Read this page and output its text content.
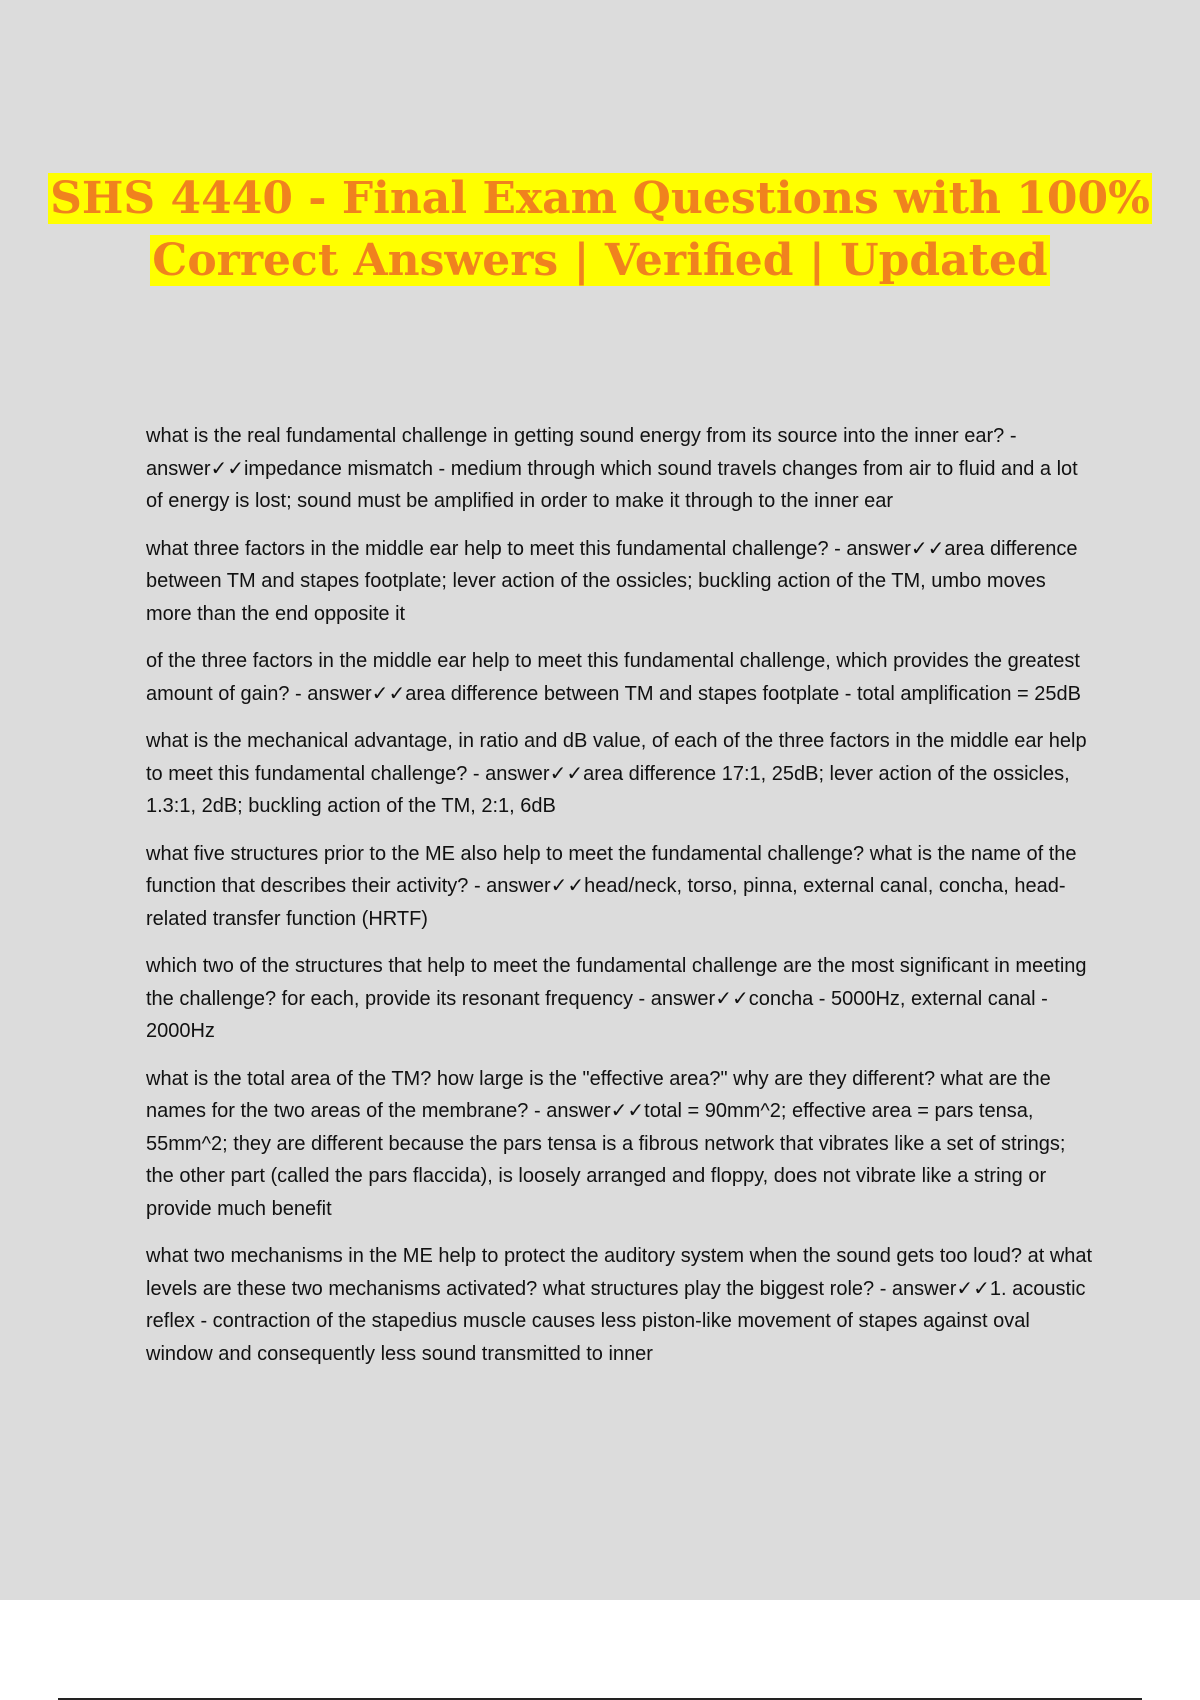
SHS 4440 - Final Exam Questions with 100%
Correct Answers | Verified | Updated

what is the real fundamental challenge in getting sound energy from its source into the inner ear? - answer✓✓impedance mismatch - medium through which sound travels changes from air to fluid and a lot of energy is lost; sound must be amplified in order to make it through to the inner ear

what three factors in the middle ear help to meet this fundamental challenge? - answer✓✓area difference between TM and stapes footplate; lever action of the ossicles; buckling action of the TM, umbo moves more than the end opposite it

of the three factors in the middle ear help to meet this fundamental challenge, which provides the greatest amount of gain? - answer✓✓area difference between TM and stapes footplate - total amplification = 25dB

what is the mechanical advantage, in ratio and dB value, of each of the three factors in the middle ear help to meet this fundamental challenge? - answer✓✓area difference 17:1, 25dB; lever action of the ossicles, 1.3:1, 2dB; buckling action of the TM, 2:1, 6dB

what five structures prior to the ME also help to meet the fundamental challenge? what is the name of the function that describes their activity? - answer✓✓head/neck, torso, pinna, external canal, concha, head-related transfer function (HRTF)

which two of the structures that help to meet the fundamental challenge are the most significant in meeting the challenge? for each, provide its resonant frequency - answer✓✓concha - 5000Hz, external canal - 2000Hz

what is the total area of the TM? how large is the "effective area?" why are they different? what are the names for the two areas of the membrane? - answer✓✓total = 90mm^2; effective area = pars tensa, 55mm^2; they are different because the pars tensa is a fibrous network that vibrates like a set of strings; the other part (called the pars flaccida), is loosely arranged and floppy, does not vibrate like a string or provide much benefit

what two mechanisms in the ME help to protect the auditory system when the sound gets too loud? at what levels are these two mechanisms activated? what structures play the biggest role? - answer✓✓1. acoustic reflex - contraction of the stapedius muscle causes less piston-like movement of stapes against oval window and consequently less sound transmitted to inner
